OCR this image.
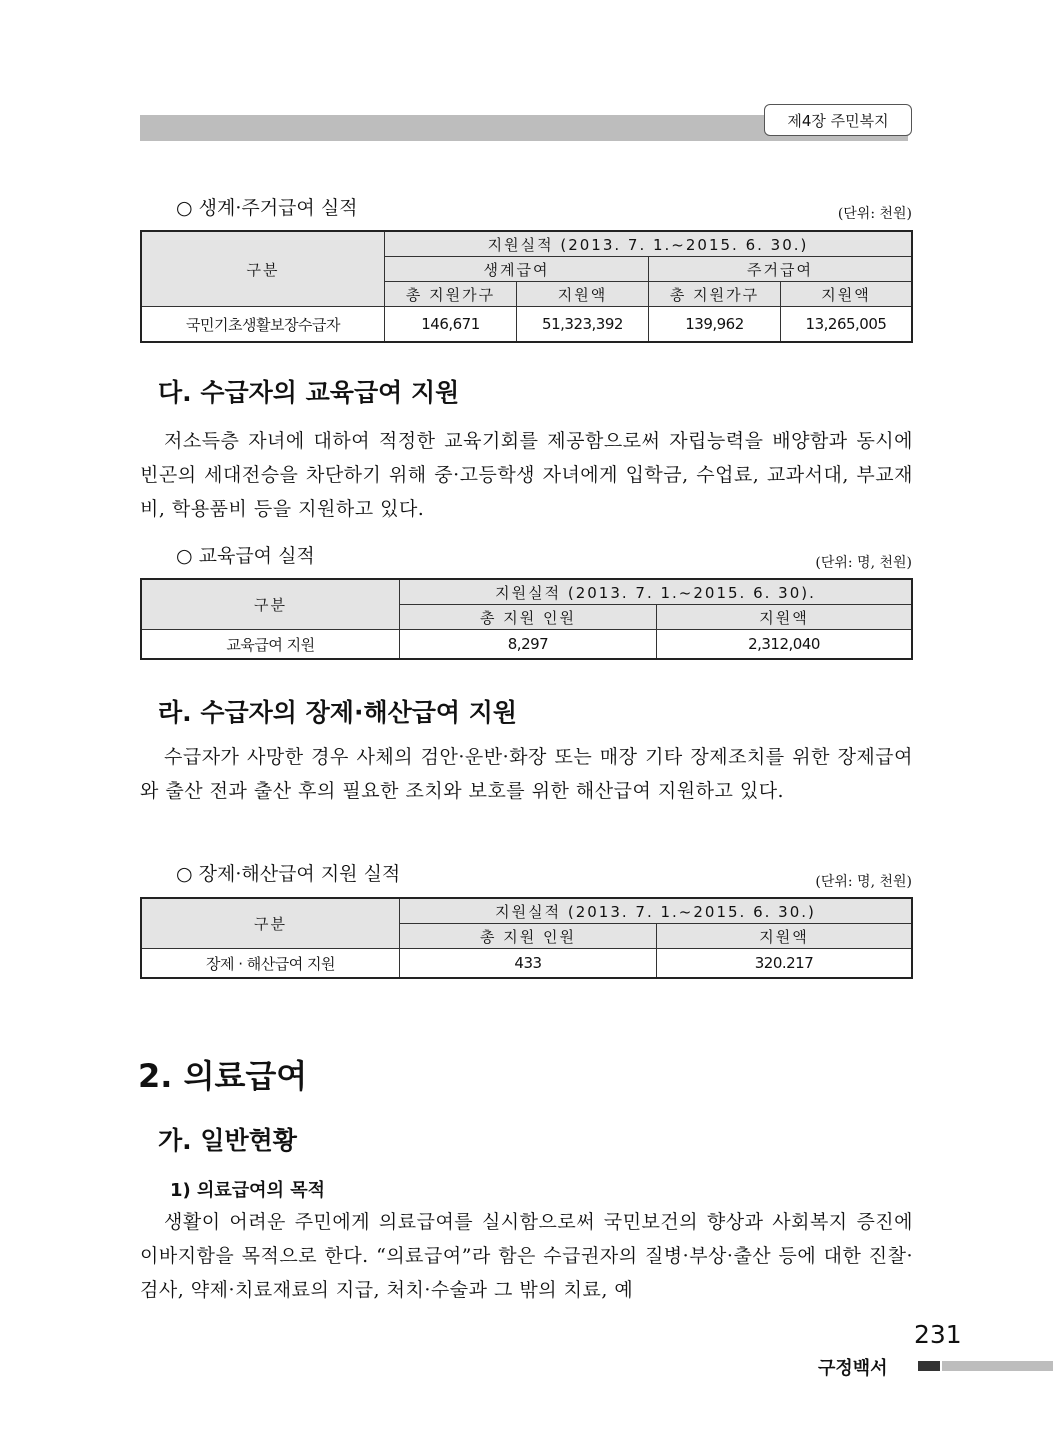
제4장 주민복지
○ 생계·주거급여 실적	(단위: 천원)
구분	지원실적 (2013. 7. 1.~2015. 6. 30.)			
	생계급여		주거급여	
	총 지원가구	지원액	총 지원가구	지원액
국민기초생활보장수급자	146,671	51,323,392	139,962	13,265,005
다. 수급자의 교육급여 지원

저소득층 자녀에 대하여 적정한 교육기회를 제공함으로써 자립능력을 배양함과 동시에 빈곤의 세대전승을 차단하기 위해 중·고등학생 자녀에게 입학금, 수업료, 교과서대, 부교재비, 학용품비 등을 지원하고 있다.

○ 교육급여 실적	(단위: 명, 천원)
구분	지원실적 (2013. 7. 1.~2015. 6. 30).	
	총 지원 인원	지원액
교육급여 지원	8,297	2,312,040
라. 수급자의 장제·해산급여 지원

수급자가 사망한 경우 사체의 검안·운반·화장 또는 매장 기타 장제조치를 위한 장제급여와 출산 전과 출산 후의 필요한 조치와 보호를 위한 해산급여 지원하고 있다.

○ 장제·해산급여 지원 실적	(단위: 명, 천원)
구분	지원실적 (2013. 7. 1.~2015. 6. 30.)	
	총 지원 인원	지원액
장제 · 해산급여 지원	433	320.217
2. 의료급여
가. 일반현황
1) 의료급여의 목적

생활이 어려운 주민에게 의료급여를 실시함으로써 국민보건의 향상과 사회복지 증진에 이바지함을 목적으로 한다. “의료급여”라 함은 수급권자의 질병·부상·출산 등에 대한 진찰·검사, 약제·치료재료의 지급, 처치·수술과 그 밖의 치료, 예

231
구정백서
